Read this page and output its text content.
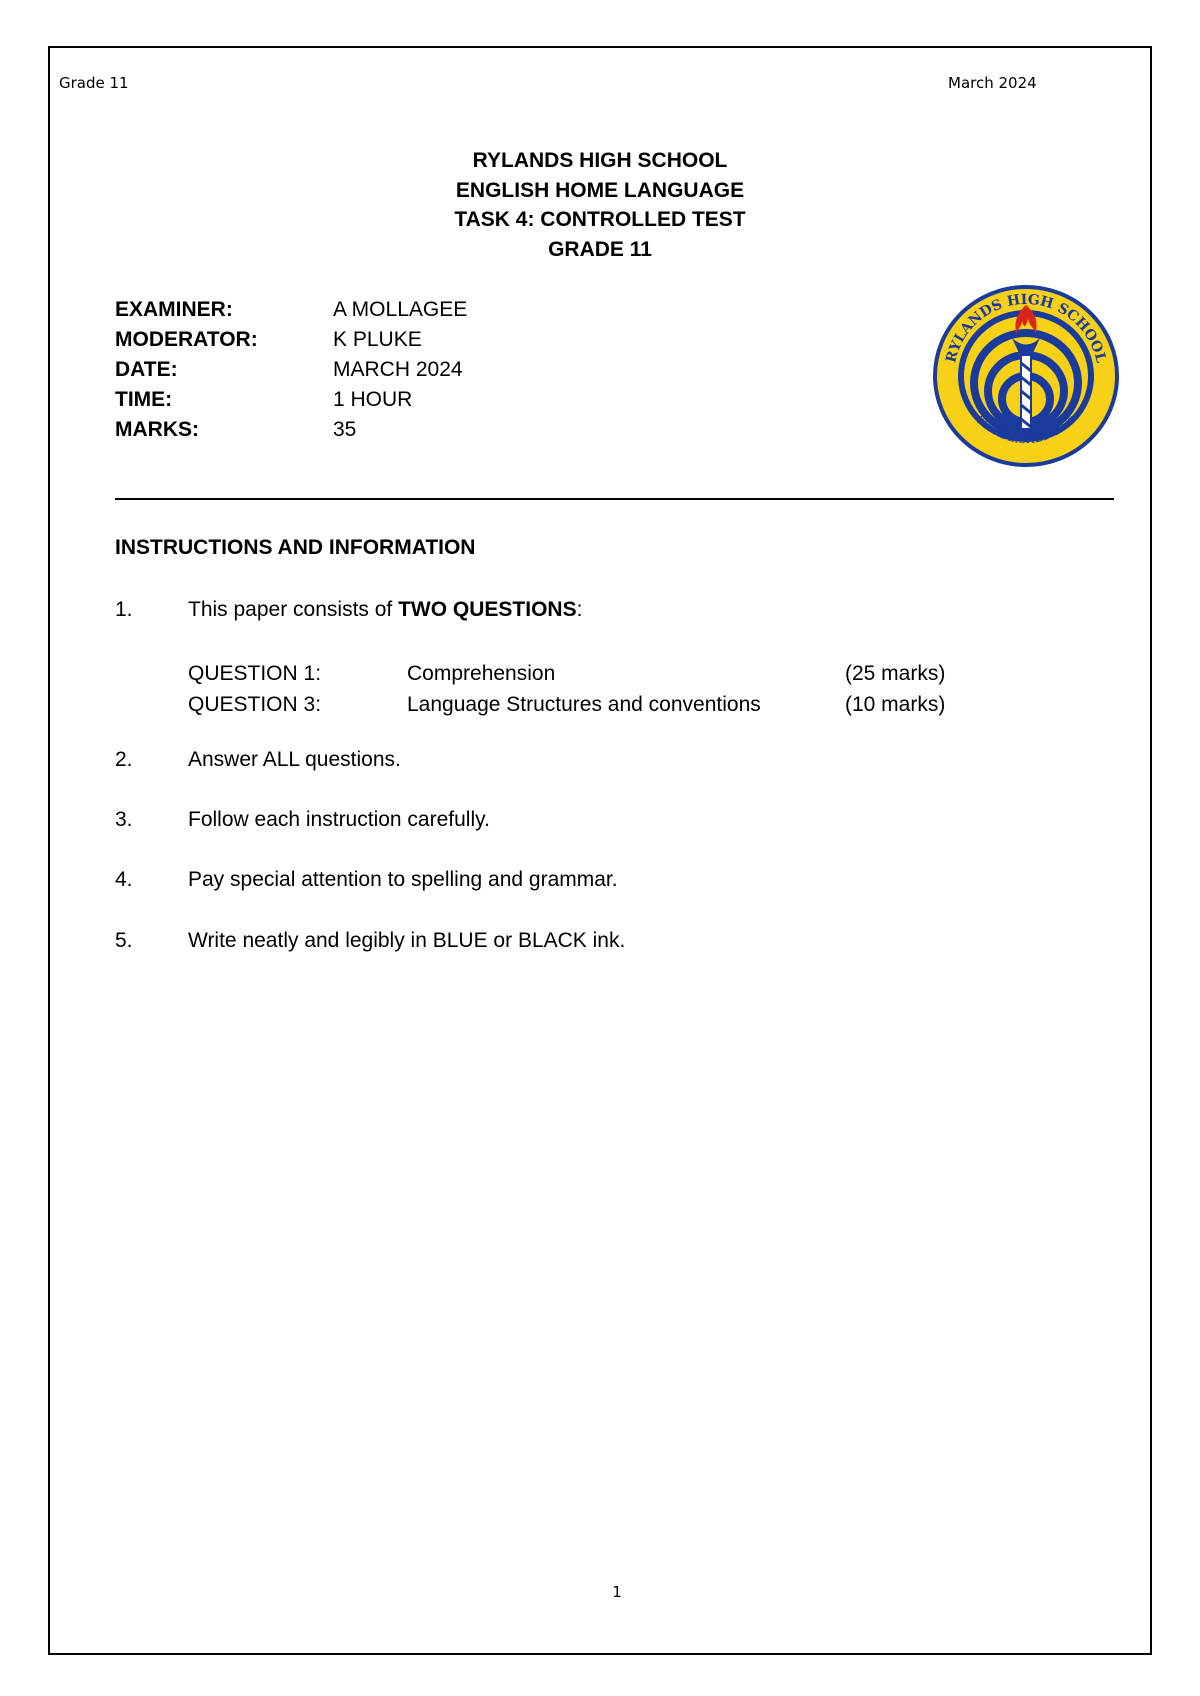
Grade 11	March 2024
RYLANDS HIGH SCHOOL
ENGLISH HOME LANGUAGE
TASK 4: CONTROLLED TEST
GRADE 11
EXAMINER:	A MOLLAGEE
MODERATOR:	K PLUKE
DATE:	MARCH 2024
TIME:	1 HOUR
MARKS:	35
RYLANDS HIGH SCHOOL
ESTABLISHED 1976
INSTRUCTIONS AND INFORMATION
1.	This paper consists of TWO QUESTIONS:
QUESTION 1:	Comprehension	(25 marks)
QUESTION 3:	Language Structures and conventions	(10 marks)
2.	Answer ALL questions.
3.	Follow each instruction carefully.
4.	Pay special attention to spelling and grammar.
5.	Write neatly and legibly in BLUE or BLACK ink.
1
